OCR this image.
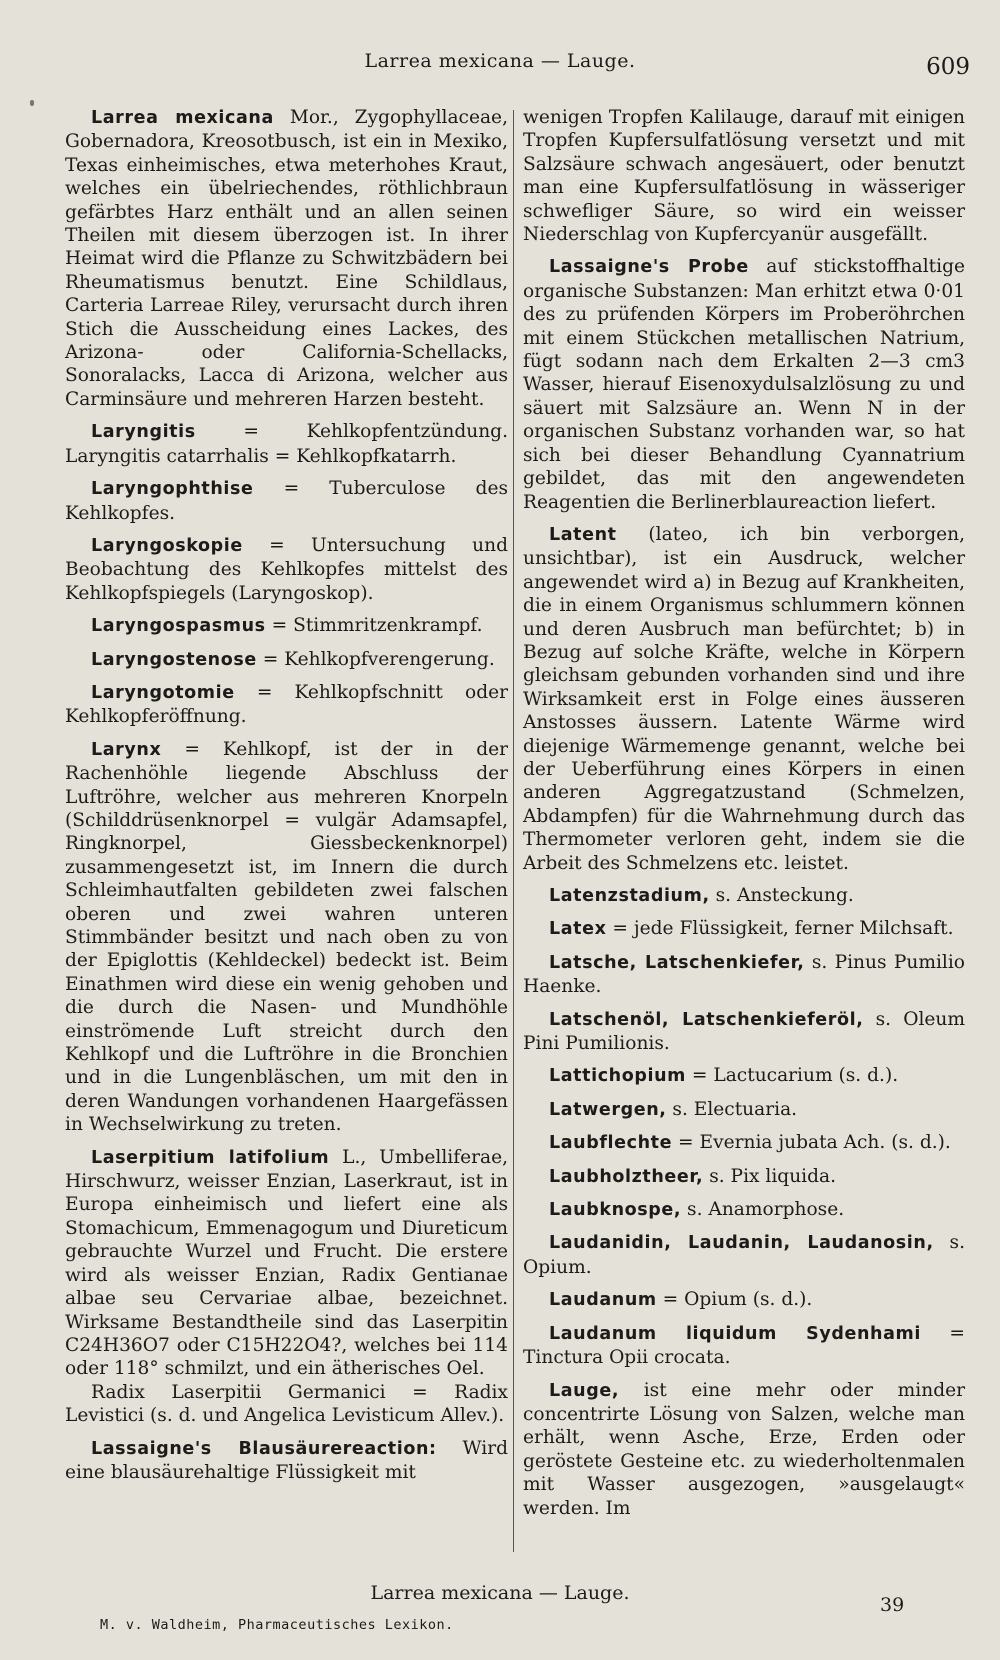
Larrea mexicana — Lauge.	609

Larrea mexicana Mor., Zygophyllaceae, Gobernadora, Kreosotbusch, ist ein in Mexiko, Texas einheimisches, etwa meterhohes Kraut, welches ein übelriechendes, röthlichbraun gefärbtes Harz enthält und an allen seinen Theilen mit diesem überzogen ist. In ihrer Heimat wird die Pflanze zu Schwitzbädern bei Rheumatismus benutzt. Eine Schildlaus, Carteria Larreae Riley, verursacht durch ihren Stich die Ausscheidung eines Lackes, des Arizona- oder California-Schellacks, Sonoralacks, Lacca di Arizona, welcher aus Carminsäure und mehreren Harzen besteht.

Laryngitis = Kehlkopfentzündung. Laryngitis catarrhalis = Kehlkopfkatarrh.

Laryngophthise = Tuberculose des Kehlkopfes.

Laryngoskopie = Untersuchung und Beobachtung des Kehlkopfes mittelst des Kehlkopfspiegels (Laryngoskop).

Laryngospasmus = Stimmritzenkrampf.

Laryngostenose = Kehlkopfverengerung.

Laryngotomie = Kehlkopfschnitt oder Kehlkopferöffnung.

Larynx = Kehlkopf, ist der in der Rachenhöhle liegende Abschluss der Luftröhre, welcher aus mehreren Knorpeln (Schilddrüsenknorpel = vulgär Adamsapfel, Ringknorpel, Giessbeckenknorpel) zusammengesetzt ist, im Innern die durch Schleimhautfalten gebildeten zwei falschen oberen und zwei wahren unteren Stimmbänder besitzt und nach oben zu von der Epiglottis (Kehldeckel) bedeckt ist. Beim Einathmen wird diese ein wenig gehoben und die durch die Nasen- und Mundhöhle einströmende Luft streicht durch den Kehlkopf und die Luftröhre in die Bronchien und in die Lungenbläschen, um mit den in deren Wandungen vorhandenen Haargefässen in Wechselwirkung zu treten.

Laserpitium latifolium L., Umbelliferae, Hirschwurz, weisser Enzian, Laserkraut, ist in Europa einheimisch und liefert eine als Stomachicum, Emmenagogum und Diureticum gebrauchte Wurzel und Frucht. Die erstere wird als weisser Enzian, Radix Gentianae albae seu Cervariae albae, bezeichnet. Wirksame Bestandtheile sind das Laserpitin C24H36O7 oder C15H22O4?, welches bei 114 oder 118° schmilzt, und ein ätherisches Oel.

Radix Laserpitii Germanici = Radix Levistici (s. d. und Angelica Levisticum Allev.).

Lassaigne's Blausäurereaction: Wird eine blausäurehaltige Flüssigkeit mit

wenigen Tropfen Kalilauge, darauf mit einigen Tropfen Kupfersulfatlösung versetzt und mit Salzsäure schwach angesäuert, oder benutzt man eine Kupfersulfatlösung in wässeriger schwefliger Säure, so wird ein weisser Niederschlag von Kupfercyanür ausgefällt.

Lassaigne's Probe auf stickstoffhaltige organische Substanzen: Man erhitzt etwa 0·01 des zu prüfenden Körpers im Proberöhrchen mit einem Stückchen metallischen Natrium, fügt sodann nach dem Erkalten 2—3 cm3 Wasser, hierauf Eisenoxydulsalzlösung zu und säuert mit Salzsäure an. Wenn N in der organischen Substanz vorhanden war, so hat sich bei dieser Behandlung Cyannatrium gebildet, das mit den angewendeten Reagentien die Berlinerblaureaction liefert.

Latent (lateo, ich bin verborgen, unsichtbar), ist ein Ausdruck, welcher angewendet wird a) in Bezug auf Krankheiten, die in einem Organismus schlummern können und deren Ausbruch man befürchtet; b) in Bezug auf solche Kräfte, welche in Körpern gleichsam gebunden vorhanden sind und ihre Wirksamkeit erst in Folge eines äusseren Anstosses äussern. Latente Wärme wird diejenige Wärmemenge genannt, welche bei der Ueberführung eines Körpers in einen anderen Aggregatzustand (Schmelzen, Abdampfen) für die Wahrnehmung durch das Thermometer verloren geht, indem sie die Arbeit des Schmelzens etc. leistet.

Latenzstadium, s. Ansteckung.

Latex = jede Flüssigkeit, ferner Milchsaft.

Latsche, Latschenkiefer, s. Pinus Pumilio Haenke.

Latschenöl, Latschenkieferöl, s. Oleum Pini Pumilionis.

Lattichopium = Lactucarium (s. d.).

Latwergen, s. Electuaria.

Laubflechte = Evernia jubata Ach. (s. d.).

Laubholztheer, s. Pix liquida.

Laubknospe, s. Anamorphose.

Laudanidin, Laudanin, Laudanosin, s. Opium.

Laudanum = Opium (s. d.).

Laudanum liquidum Sydenhami = Tinctura Opii crocata.

Lauge, ist eine mehr oder minder concentrirte Lösung von Salzen, welche man erhält, wenn Asche, Erze, Erden oder geröstete Gesteine etc. zu wiederholtenmalen mit Wasser ausgezogen, »ausgelaugt« werden. Im

Larrea mexicana — Lauge.
M. v. Waldheim, Pharmaceutisches Lexikon.
39
